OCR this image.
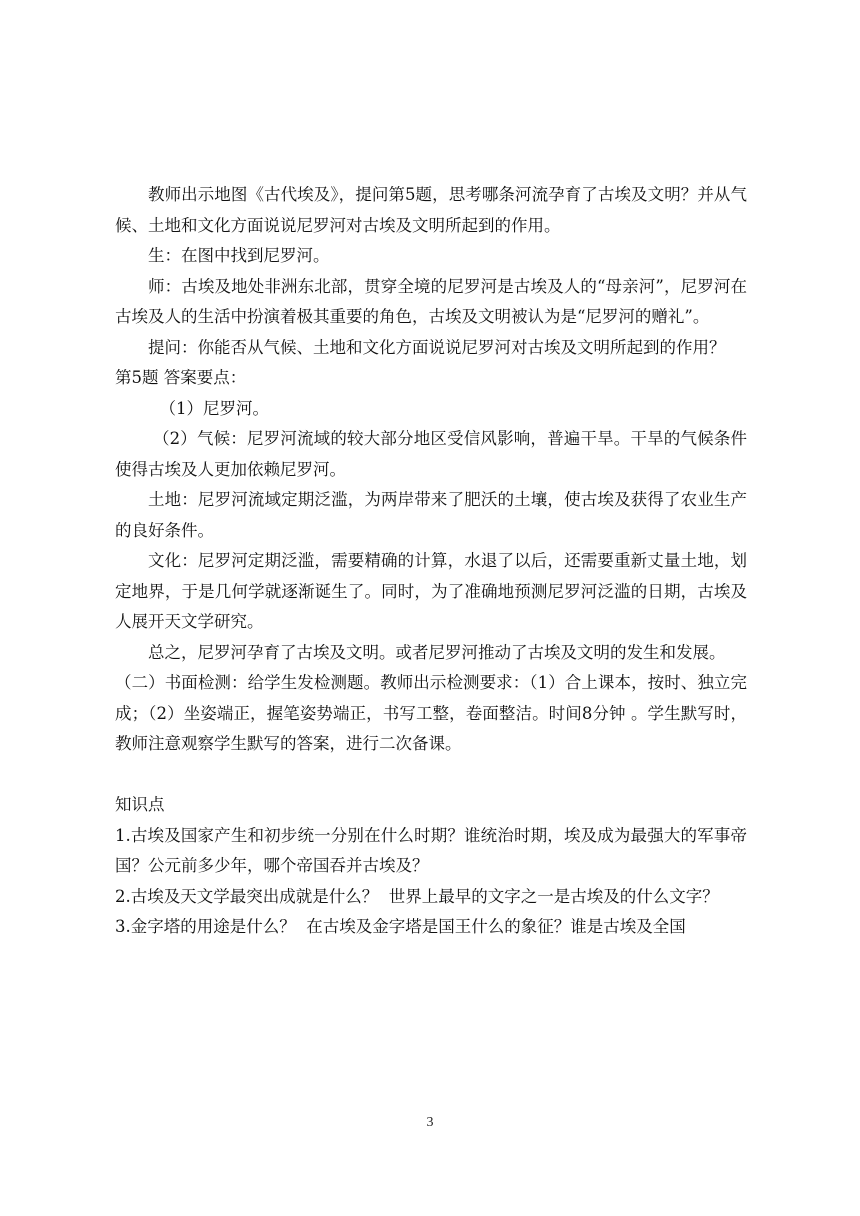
教师出示地图《古代埃及》，提问第5题，思考哪条河流孕育了古埃及文明？并从气候、土地和文化方面说说尼罗河对古埃及文明所起到的作用。

生：在图中找到尼罗河。

师：古埃及地处非洲东北部，贯穿全境的尼罗河是古埃及人的“母亲河”，尼罗河在古埃及人的生活中扮演着极其重要的角色，古埃及文明被认为是“尼罗河的赠礼”。

提问：你能否从气候、土地和文化方面说说尼罗河对古埃及文明所起到的作用？

第5题 答案要点：

（1）尼罗河。

（2）气候：尼罗河流域的较大部分地区受信风影响，普遍干旱。干旱的气候条件使得古埃及人更加依赖尼罗河。

土地：尼罗河流域定期泛滥，为两岸带来了肥沃的土壤，使古埃及获得了农业生产的良好条件。

文化：尼罗河定期泛滥，需要精确的计算，水退了以后，还需要重新丈量土地，划定地界，于是几何学就逐渐诞生了。同时，为了准确地预测尼罗河泛滥的日期，古埃及人展开天文学研究。

总之，尼罗河孕育了古埃及文明。或者尼罗河推动了古埃及文明的发生和发展。

（二）书面检测：给学生发检测题。教师出示检测要求：（1）合上课本，按时、独立完成；（2）坐姿端正，握笔姿势端正，书写工整，卷面整洁。时间8分钟 。学生默写时，教师注意观察学生默写的答案，进行二次备课。

知识点

1.古埃及国家产生和初步统一分别在什么时期？谁统治时期，埃及成为最强大的军事帝国？公元前多少年，哪个帝国吞并古埃及？

2.古埃及天文学最突出成就是什么？  世界上最早的文字之一是古埃及的什么文字？

3.金字塔的用途是什么？  在古埃及金字塔是国王什么的象征？谁是古埃及全国

3
